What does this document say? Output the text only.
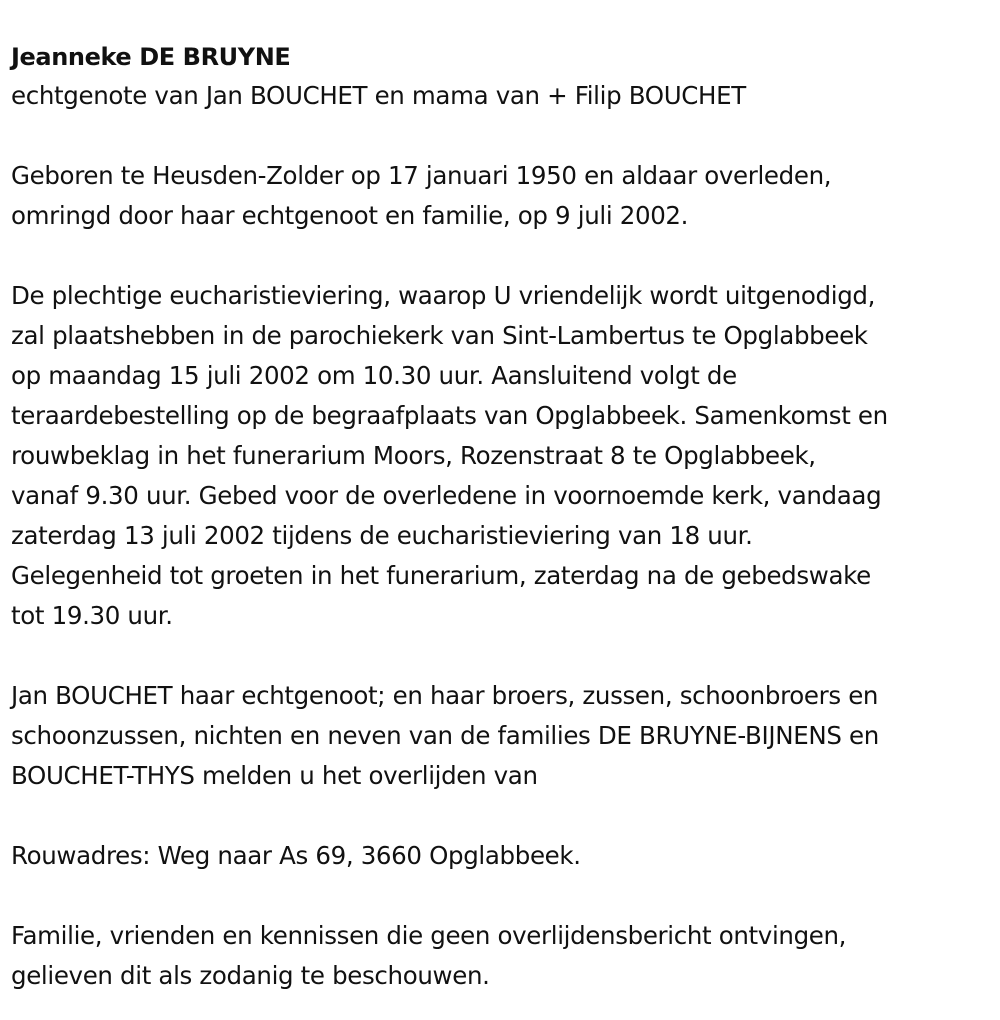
Jeanneke DE BRUYNE
echtgenote van Jan BOUCHET en mama van + Filip BOUCHET
Geboren te Heusden-Zolder op 17 januari 1950 en aldaar overleden,
omringd door haar echtgenoot en familie, op 9 juli 2002.
De plechtige eucharistieviering, waarop U vriendelijk wordt uitgenodigd,
zal plaatshebben in de parochiekerk van Sint-Lambertus te Opglabbeek
op maandag 15 juli 2002 om 10.30 uur. Aansluitend volgt de
teraardebestelling op de begraafplaats van Opglabbeek. Samenkomst en
rouwbeklag in het funerarium Moors, Rozenstraat 8 te Opglabbeek,
vanaf 9.30 uur. Gebed voor de overledene in voornoemde kerk, vandaag
zaterdag 13 juli 2002 tijdens de eucharistieviering van 18 uur.
Gelegenheid tot groeten in het funerarium, zaterdag na de gebedswake
tot 19.30 uur.
Jan BOUCHET haar echtgenoot; en haar broers, zussen, schoonbroers en
schoonzussen, nichten en neven van de families DE BRUYNE-BIJNENS en
BOUCHET-THYS melden u het overlijden van
Rouwadres: Weg naar As 69, 3660 Opglabbeek.
Familie, vrienden en kennissen die geen overlijdensbericht ontvingen,
gelieven dit als zodanig te beschouwen.
